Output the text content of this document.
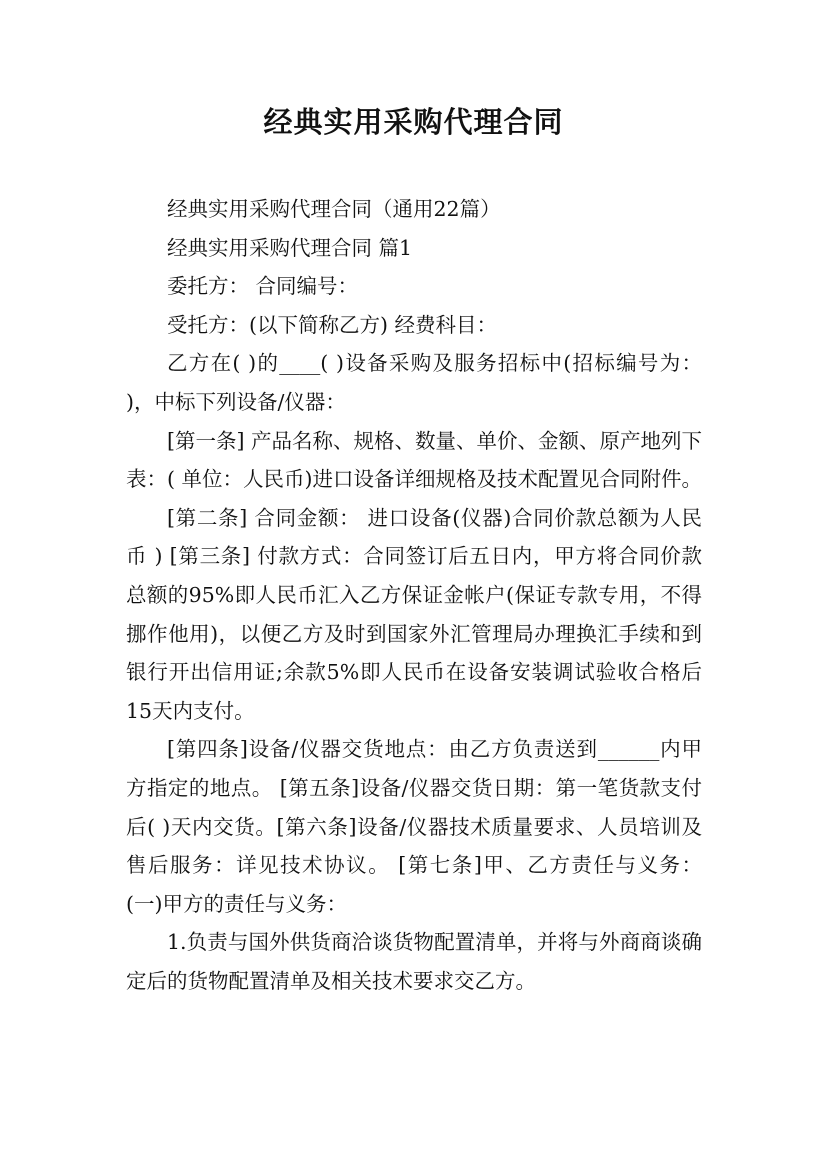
经典实用采购代理合同

经典实用采购代理合同（通用22篇）

经典实用采购代理合同 篇1

委托方： 合同编号：

受托方：(以下简称乙方) 经费科目：

乙方在( )的____( )设备采购及服务招标中(招标编号为： )，中标下列设备/仪器：

[第一条] 产品名称、规格、数量、单价、金额、原产地列下表：( 单位：人民币)进口设备详细规格及技术配置见合同附件。

[第二条] 合同金额： 进口设备(仪器)合同价款总额为人民币 ) [第三条] 付款方式：合同签订后五日内，甲方将合同价款总额的95%即人民币汇入乙方保证金帐户(保证专款专用，不得挪作他用)，以便乙方及时到国家外汇管理局办理换汇手续和到银行开出信用证;余款5%即人民币在设备安装调试验收合格后15天内支付。

[第四条]设备/仪器交货地点：由乙方负责送到______内甲方指定的地点。 [第五条]设备/仪器交货日期：第一笔货款支付后( )天内交货。[第六条]设备/仪器技术质量要求、人员培训及售后服务：详见技术协议。 [第七条]甲、乙方责任与义务： (一)甲方的责任与义务：

1.负责与国外供货商洽谈货物配置清单，并将与外商商谈确定后的货物配置清单及相关技术要求交乙方。
